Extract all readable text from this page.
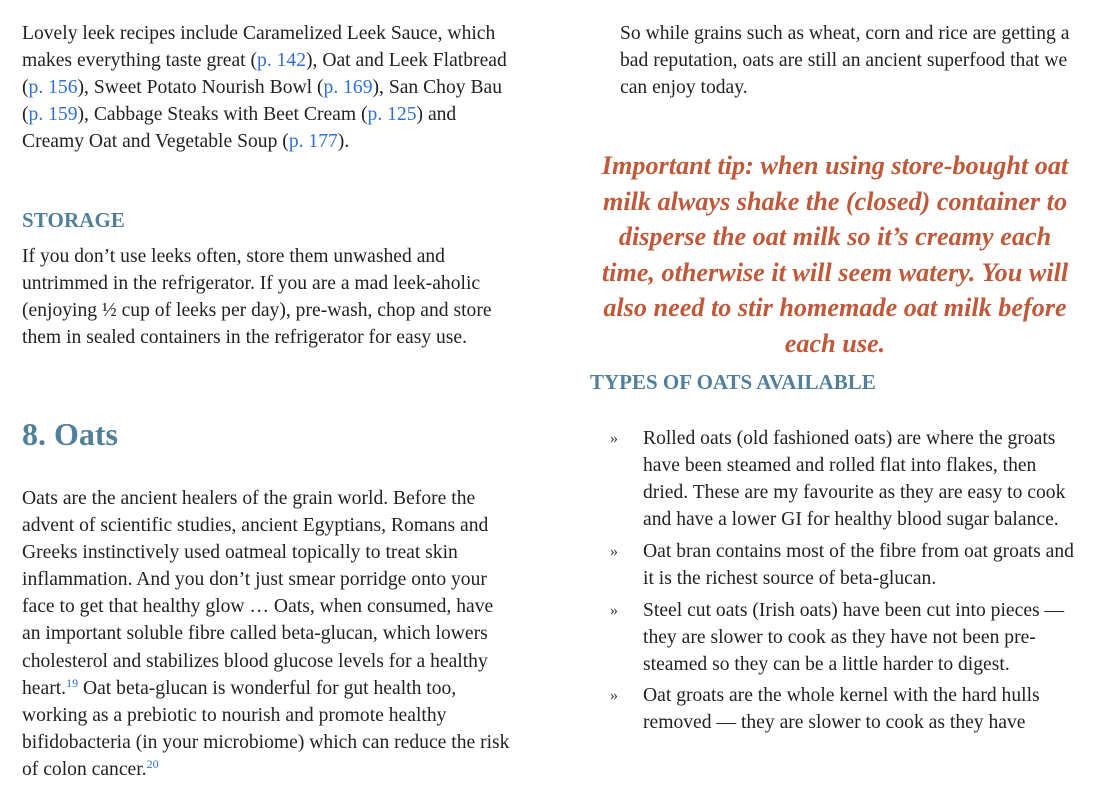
Lovely leek recipes include Caramelized Leek Sauce, which makes everything taste great (p. 142), Oat and Leek Flatbread (p. 156), Sweet Potato Nourish Bowl (p. 169), San Choy Bau (p. 159), Cabbage Steaks with Beet Cream (p. 125) and Creamy Oat and Vegetable Soup (p. 177).

STORAGE

If you don’t use leeks often, store them unwashed and untrimmed in the refrigerator. If you are a mad leek-aholic (enjoying ½ cup of leeks per day), pre-wash, chop and store them in sealed containers in the refrigerator for easy use.

8. Oats

Oats are the ancient healers of the grain world. Before the advent of scientific studies, ancient Egyptians, Romans and Greeks instinctively used oatmeal topically to treat skin inflammation. And you don’t just smear porridge onto your face to get that healthy glow … Oats, when consumed, have an important soluble fibre called beta-glucan, which lowers cholesterol and stabilizes blood glucose levels for a healthy heart.$^{19}$ Oat beta-glucan is wonderful for gut health too, working as a prebiotic to nourish and promote healthy bifidobacteria (in your microbiome) which can reduce the risk of colon cancer.$^{20}$

So while grains such as wheat, corn and rice are getting a bad reputation, oats are still an ancient superfood that we can enjoy today.

Important tip: when using store-bought oat milk always shake the (closed) container to disperse the oat milk so it’s creamy each time, otherwise it will seem watery. You will also need to stir homemade oat milk before each use.

TYPES OF OATS AVAILABLE
» Rolled oats (old fashioned oats) are where the groats have been steamed and rolled flat into flakes, then dried. These are my favourite as they are easy to cook and have a lower GI for healthy blood sugar balance.
» Oat bran contains most of the fibre from oat groats and it is the richest source of beta-glucan.
» Steel cut oats (Irish oats) have been cut into pieces — they are slower to cook as they have not been pre-steamed so they can be a little harder to digest.
» Oat groats are the whole kernel with the hard hulls removed — they are slower to cook as they have
